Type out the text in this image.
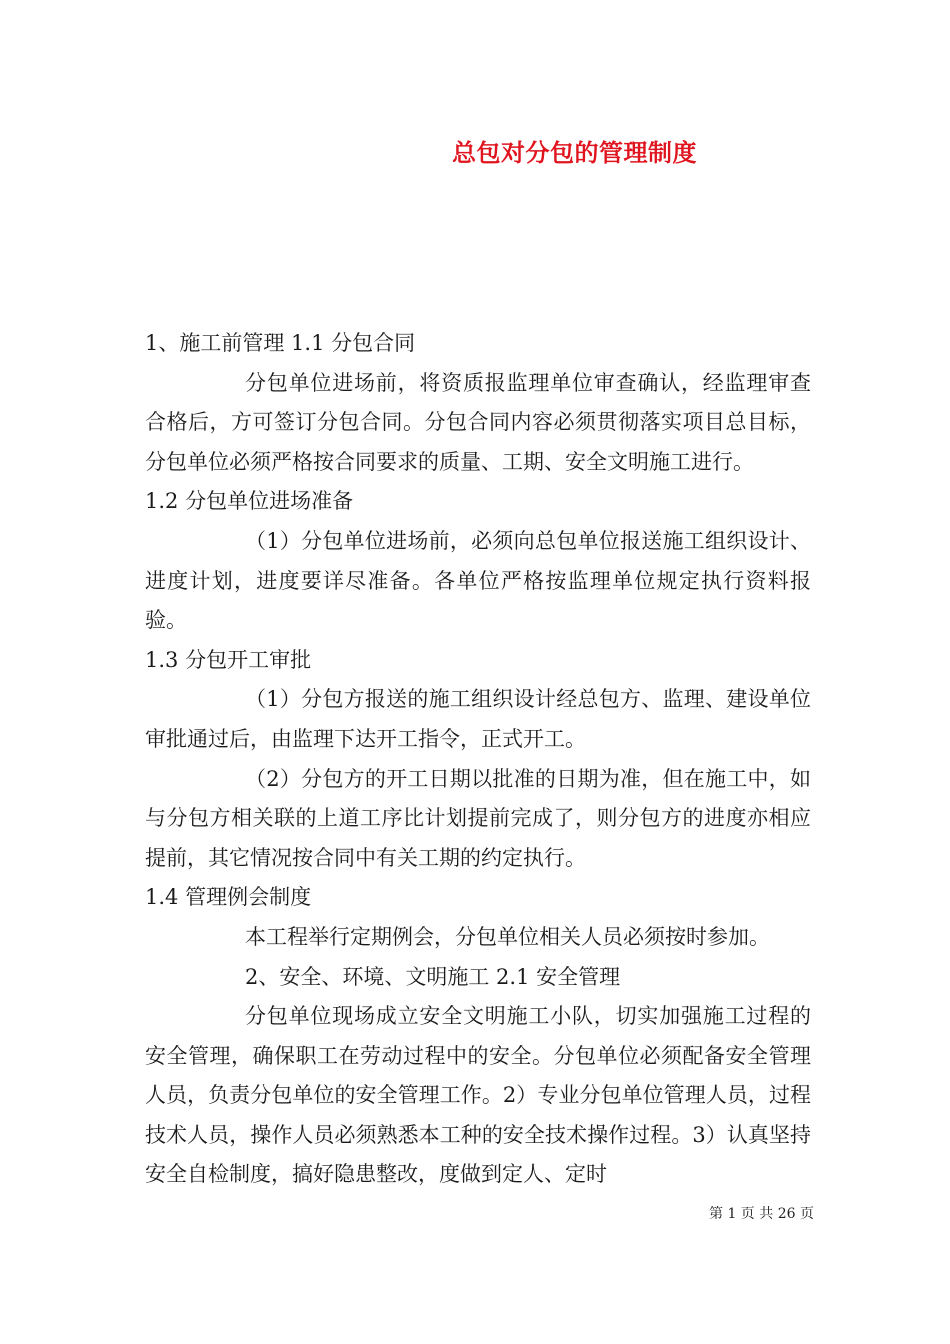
总包对分包的管理制度

1、施工前管理 1.1 分包合同

分包单位进场前，将资质报监理单位审查确认，经监理审查合格后，方可签订分包合同。分包合同内容必须贯彻落实项目总目标，分包单位必须严格按合同要求的质量、工期、安全文明施工进行。

1.2 分包单位进场准备

（1）分包单位进场前，必须向总包单位报送施工组织设计、进度计划，进度要详尽准备。各单位严格按监理单位规定执行资料报验。

1.3 分包开工审批

（1）分包方报送的施工组织设计经总包方、监理、建设单位审批通过后，由监理下达开工指令，正式开工。

（2）分包方的开工日期以批准的日期为准，但在施工中，如与分包方相关联的上道工序比计划提前完成了，则分包方的进度亦相应提前，其它情况按合同中有关工期的约定执行。

1.4 管理例会制度

本工程举行定期例会，分包单位相关人员必须按时参加。

2、安全、环境、文明施工 2.1 安全管理

分包单位现场成立安全文明施工小队，切实加强施工过程的安全管理，确保职工在劳动过程中的安全。分包单位必须配备安全管理人员，负责分包单位的安全管理工作。2）专业分包单位管理人员，过程技术人员，操作人员必须熟悉本工种的安全技术操作过程。3）认真坚持安全自检制度，搞好隐患整改，度做到定人、定时

第 1 页 共 26 页
